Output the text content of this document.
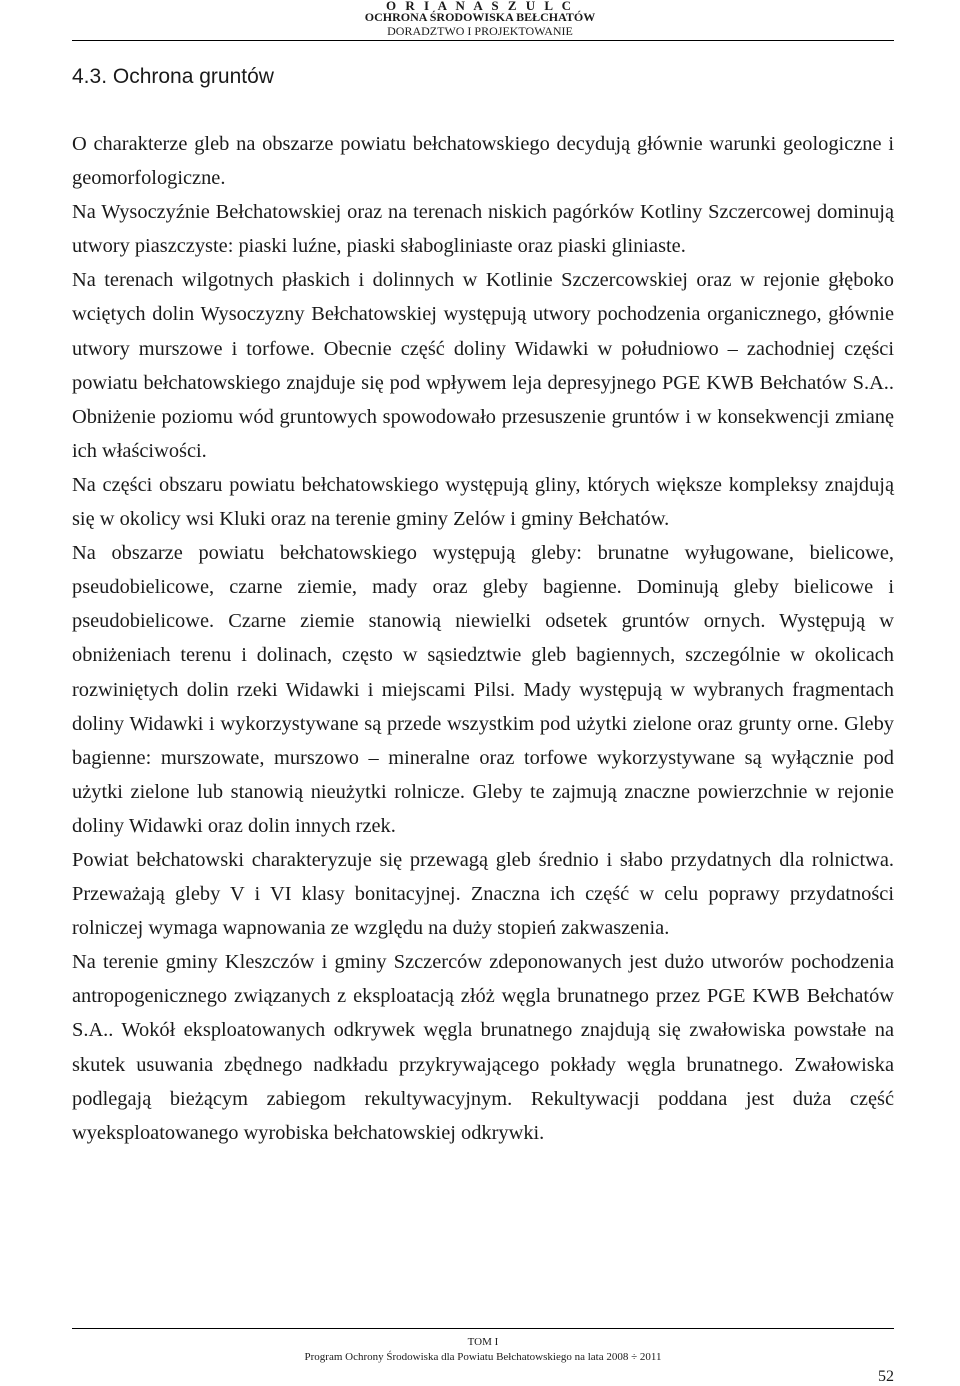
O R I A N A S Z U L C
OCHRONA ŚRODOWISKA BEŁCHATÓW
DORADZTWO I PROJEKTOWANIE
4.3. Ochrona gruntów

O charakterze gleb na obszarze powiatu bełchatowskiego decydują głównie warunki geologiczne i geomorfologiczne.

Na Wysoczyźnie Bełchatowskiej oraz na terenach niskich pagórków Kotliny Szczercowej dominują utwory piaszczyste: piaski luźne, piaski słabogliniaste oraz piaski gliniaste.

Na terenach wilgotnych płaskich i dolinnych w Kotlinie Szczercowskiej oraz w rejonie głęboko wciętych dolin Wysoczyzny Bełchatowskiej występują utwory pochodzenia organicznego, głównie utwory murszowe i torfowe. Obecnie część doliny Widawki w południowo – zachodniej części powiatu bełchatowskiego znajduje się pod wpływem leja depresyjnego PGE KWB Bełchatów S.A.. Obniżenie poziomu wód gruntowych spowodowało przesuszenie gruntów i w konsekwencji zmianę ich właściwości.

Na części obszaru powiatu bełchatowskiego występują gliny, których większe kompleksy znajdują się w okolicy wsi Kluki oraz na terenie gminy Zelów i gminy Bełchatów.

Na obszarze powiatu bełchatowskiego występują gleby: brunatne wyługowane, bielicowe, pseudobielicowe, czarne ziemie, mady oraz gleby bagienne. Dominują gleby bielicowe i pseudobielicowe. Czarne ziemie stanowią niewielki odsetek gruntów ornych. Występują w obniżeniach terenu i dolinach, często w sąsiedztwie gleb bagiennych, szczególnie w okolicach rozwiniętych dolin rzeki Widawki i miejscami Pilsi. Mady występują w wybranych fragmentach doliny Widawki i wykorzystywane są przede wszystkim pod użytki zielone oraz grunty orne. Gleby bagienne: murszowate, murszowo – mineralne oraz torfowe wykorzystywane są wyłącznie pod użytki zielone lub stanowią nieużytki rolnicze. Gleby te zajmują znaczne powierzchnie w rejonie doliny Widawki oraz dolin innych rzek.

Powiat bełchatowski charakteryzuje się przewagą gleb średnio i słabo przydatnych dla rolnictwa. Przeważają gleby V i VI klasy bonitacyjnej. Znaczna ich część w celu poprawy przydatności rolniczej wymaga wapnowania ze względu na duży stopień zakwaszenia.

Na terenie gminy Kleszczów i gminy Szczerców zdeponowanych jest dużo utworów pochodzenia antropogenicznego związanych z eksploatacją złóż węgla brunatnego przez PGE KWB Bełchatów S.A.. Wokół eksploatowanych odkrywek węgla brunatnego znajdują się zwałowiska powstałe na skutek usuwania zbędnego nadkładu przykrywającego pokłady węgla brunatnego. Zwałowiska podlegają bieżącym zabiegom rekultywacyjnym. Rekultywacji poddana jest duża część wyeksploatowanego wyrobiska bełchatowskiej odkrywki.

TOM I
Program Ochrony Środowiska dla Powiatu Bełchatowskiego na lata 2008 ÷ 2011
52
